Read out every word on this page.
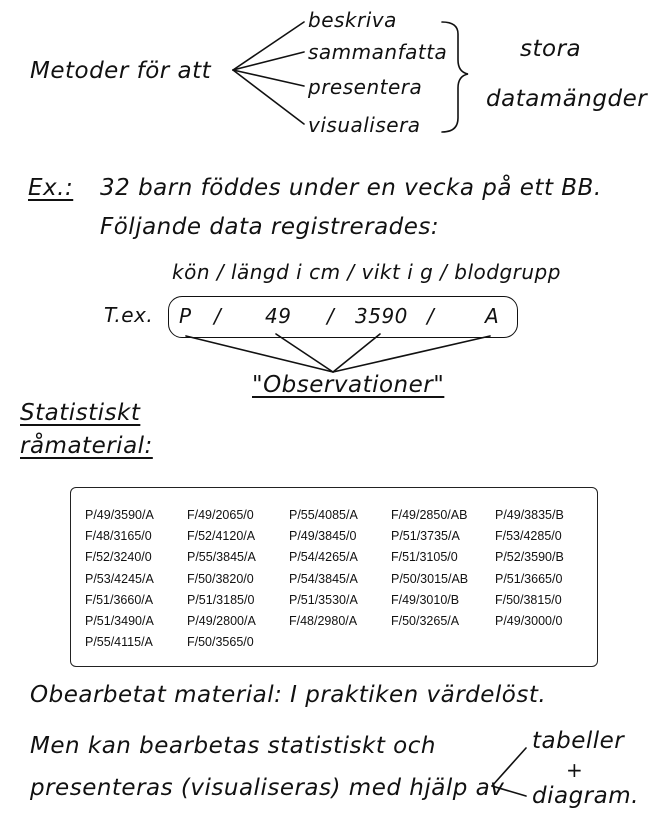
Metoder för att
beskriva
sammanfatta
presentera
visualisera
stora
datamängder
Ex.: 32 barn föddes under en vecka på ett BB.
Följande data registrerades:
kön / längd i cm / vikt i g / blodgrupp
T.ex. P / 49 / 3590 /	A
"Observationer"
Statistiskt
råmaterial:
P/49/3590/A	F/49/2065/0	P/55/4085/A	F/49/2850/AB	P/49/3835/B
F/48/3165/0	F/52/4120/A	P/49/3845/0	P/51/3735/A	F/53/4285/0
F/52/3240/0	P/55/3845/A	P/54/4265/A	F/51/3105/0	P/52/3590/B
P/53/4245/A	F/50/3820/0	P/54/3845/A	P/50/3015/AB	P/51/3665/0
F/51/3660/A	P/51/3185/0	P/51/3530/A	F/49/3010/B	F/50/3815/0
P/51/3490/A	P/49/2800/A	F/48/2980/A	F/50/3265/A	P/49/3000/0
P/55/4115/A	F/50/3565/0
Obearbetat material: I praktiken värdelöst.
Men kan bearbetas statistiskt och
presenteras (visualiseras) med hjälp av
tabeller
+
diagram.
